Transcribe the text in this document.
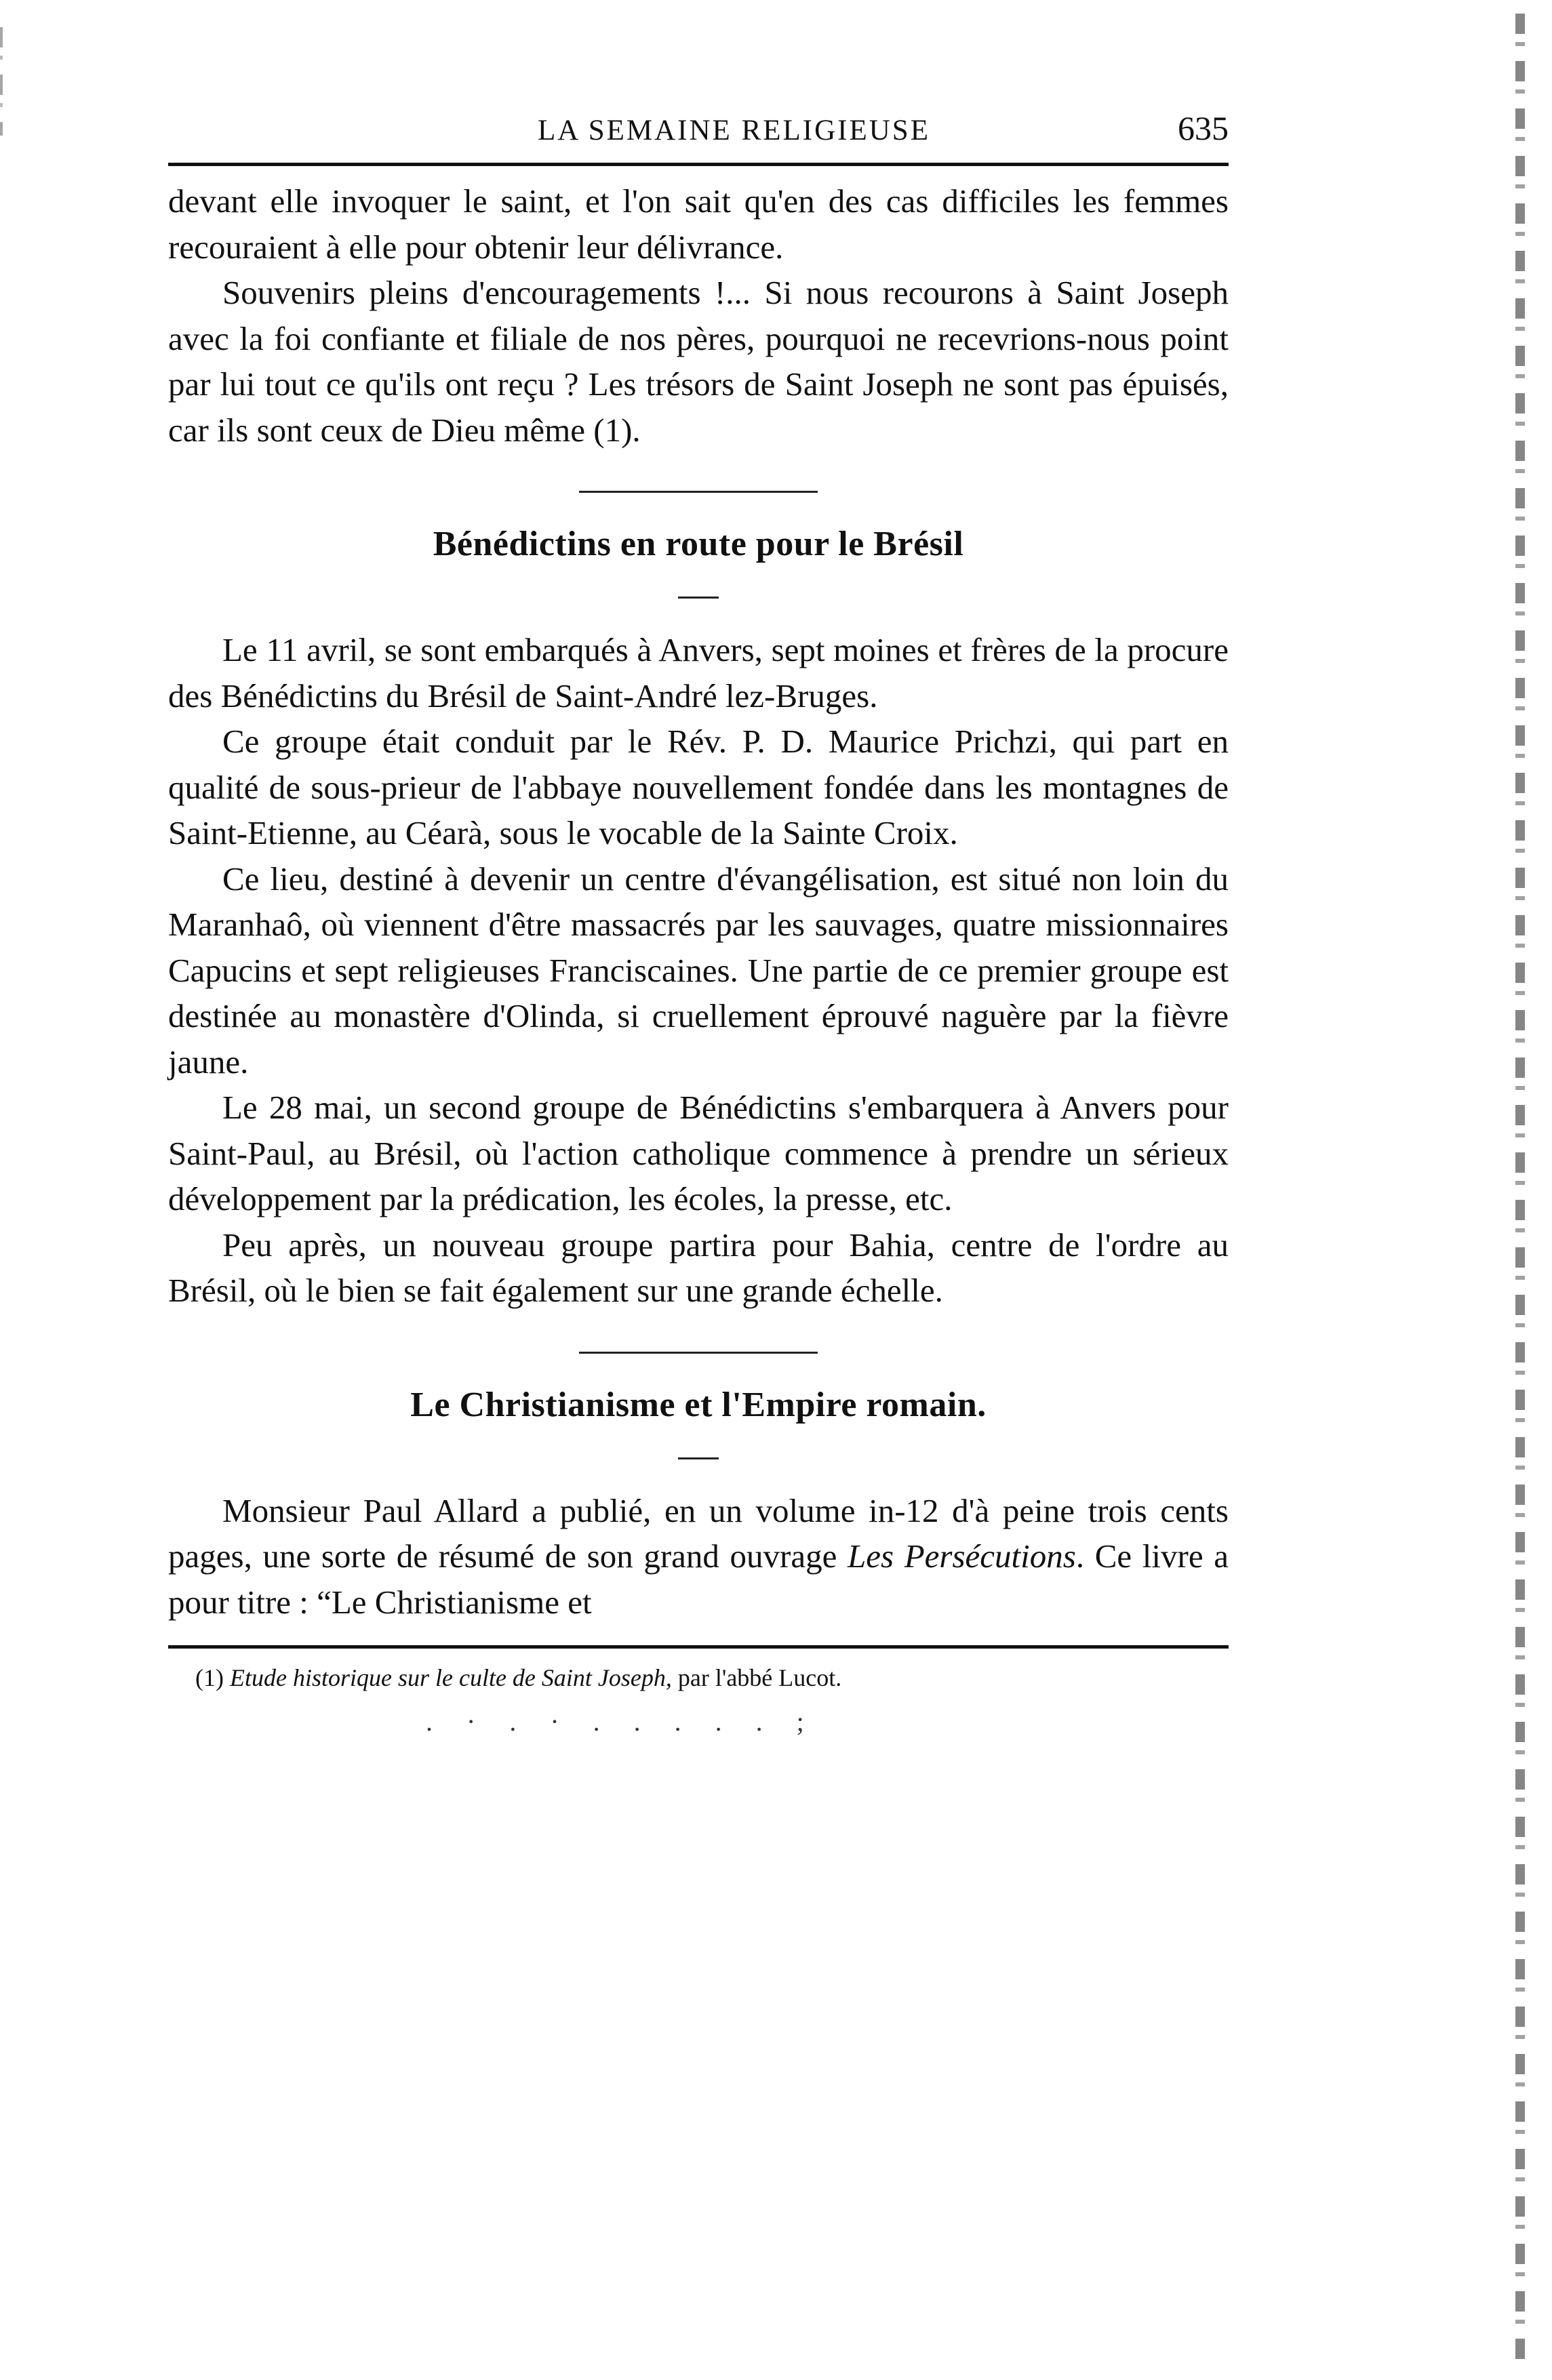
LA SEMAINE RELIGIEUSE	635

devant elle invoquer le saint, et l'on sait qu'en des cas difficiles les femmes recouraient à elle pour obtenir leur délivrance.

Souvenirs pleins d'encouragements !... Si nous recourons à Saint Joseph avec la foi confiante et filiale de nos pères, pourquoi ne recevrions-nous point par lui tout ce qu'ils ont reçu ? Les trésors de Saint Joseph ne sont pas épuisés, car ils sont ceux de Dieu même (1).

Bénédictins en route pour le Brésil

Le 11 avril, se sont embarqués à Anvers, sept moines et frères de la procure des Bénédictins du Brésil de Saint-André lez-Bruges.

Ce groupe était conduit par le Rév. P. D. Maurice Prichzi, qui part en qualité de sous-prieur de l'abbaye nouvellement fondée dans les montagnes de Saint-Etienne, au Céarà, sous le vocable de la Sainte Croix.

Ce lieu, destiné à devenir un centre d'évangélisation, est situé non loin du Maranhaô, où viennent d'être massacrés par les sauvages, quatre missionnaires Capucins et sept religieuses Franciscaines. Une partie de ce premier groupe est destinée au monastère d'Olinda, si cruellement éprouvé naguère par la fièvre jaune.

Le 28 mai, un second groupe de Bénédictins s'embarquera à Anvers pour Saint-Paul, au Brésil, où l'action catholique commence à prendre un sérieux développement par la prédication, les écoles, la presse, etc.

Peu après, un nouveau groupe partira pour Bahia, centre de l'ordre au Brésil, où le bien se fait également sur une grande échelle.

Le Christianisme et l'Empire romain.

Monsieur Paul Allard a publié, en un volume in-12 d'à peine trois cents pages, une sorte de résumé de son grand ouvrage Les Persécutions. Ce livre a pour titre : “Le Christianisme et

(1) Etude historique sur le culte de Saint Joseph, par l'abbé Lucot.
. · . · . . . . . ;
